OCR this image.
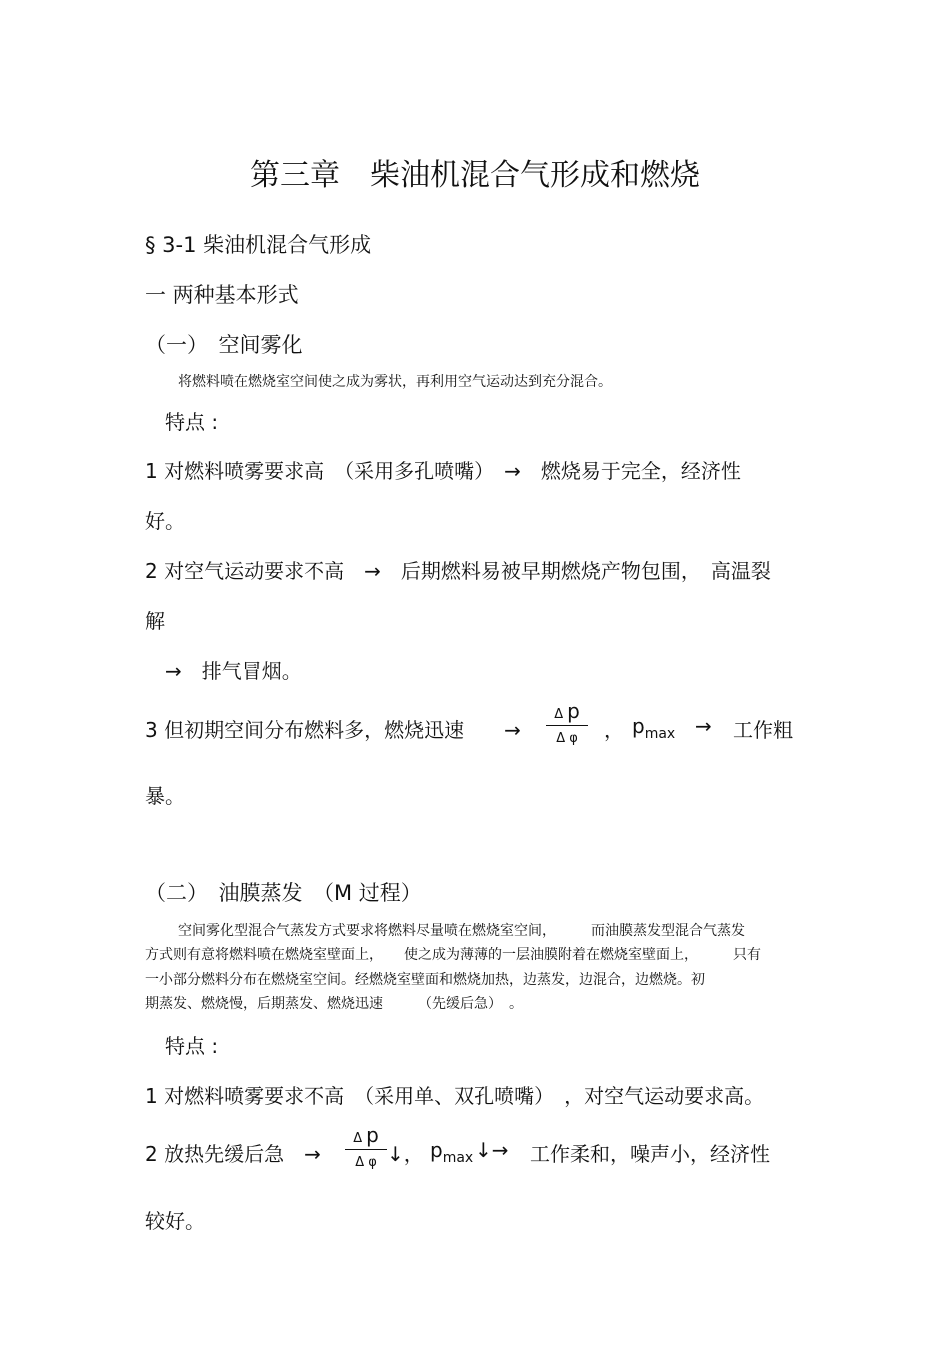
第三章　柴油机混合气形成和燃烧
§ 3-1 柴油机混合气形成
一 两种基本形式
（一）　空间雾化
将燃料喷在燃烧室空间使之成为雾状，再利用空气运动达到充分混合。
特点 :
1 对燃料喷雾要求高　（采用多孔喷嘴）　→　燃烧易于完全，经济性
好。
2 对空气运动要求不高　→　后期燃料易被早期燃烧产物包围，　高温裂
解
→　排气冒烟。
3 但初期空间分布燃料多，燃烧迅速　　→ $\frac{\text{Δ p}}{\text{Δ φ}}$ ， $p_{max}$ → 工作粗
暴。
（二）　油膜蒸发　（M 过程）
空间雾化型混合气蒸发方式要求将燃料尽量喷在燃烧室空间，　　　而油膜蒸发型混合气蒸发
方式则有意将燃料喷在燃烧室壁面上，　　使之成为薄薄的一层油膜附着在燃烧室壁面上，　　　只有
一小部分燃料分布在燃烧室空间。经燃烧室壁面和燃烧加热，边蒸发，边混合，边燃烧。初
期蒸发、燃烧慢，后期蒸发、燃烧迅速　　　（先缓后急）　。
特点 :
1 对燃料喷雾要求不高　（采用单、双孔喷嘴）　，对空气运动要求高。
2 放热先缓后急　→ $\frac{\text{Δ p}}{\text{Δ φ}}$ ↓， $p_{max}$ ↓→ 工作柔和，噪声小，经济性
较好。
